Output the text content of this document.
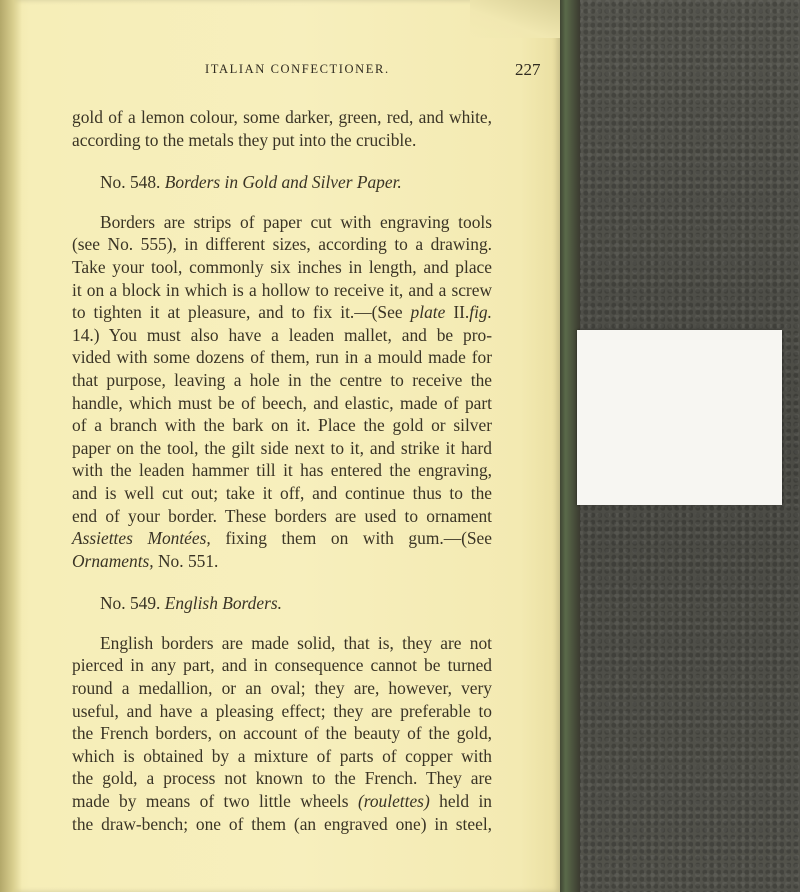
ITALIAN CONFECTIONER.	227
gold of a lemon colour, some darker, green, red, and white,
according to the metals they put into the crucible.
No. 548. Borders in Gold and Silver Paper.
Borders are strips of paper cut with engraving tools
(see No. 555), in different sizes, according to a drawing.
Take your tool, commonly six inches in length, and place
it on a block in which is a hollow to receive it, and a screw
to tighten it at pleasure, and to fix it.—(See plate II.fig.
14.) You must also have a leaden mallet, and be pro-
vided with some dozens of them, run in a mould made for
that purpose, leaving a hole in the centre to receive the
handle, which must be of beech, and elastic, made of part
of a branch with the bark on it. Place the gold or silver
paper on the tool, the gilt side next to it, and strike it hard
with the leaden hammer till it has entered the engraving,
and is well cut out; take it off, and continue thus to the
end of your border. These borders are used to ornament
Assiettes Montées, fixing them on with gum.—(See
Ornaments, No. 551.
No. 549. English Borders.
English borders are made solid, that is, they are not
pierced in any part, and in consequence cannot be turned
round a medallion, or an oval; they are, however, very
useful, and have a pleasing effect; they are preferable to
the French borders, on account of the beauty of the gold,
which is obtained by a mixture of parts of copper with
the gold, a process not known to the French. They are
made by means of two little wheels (roulettes) held in
the draw-bench; one of them (an engraved one) in steel,
